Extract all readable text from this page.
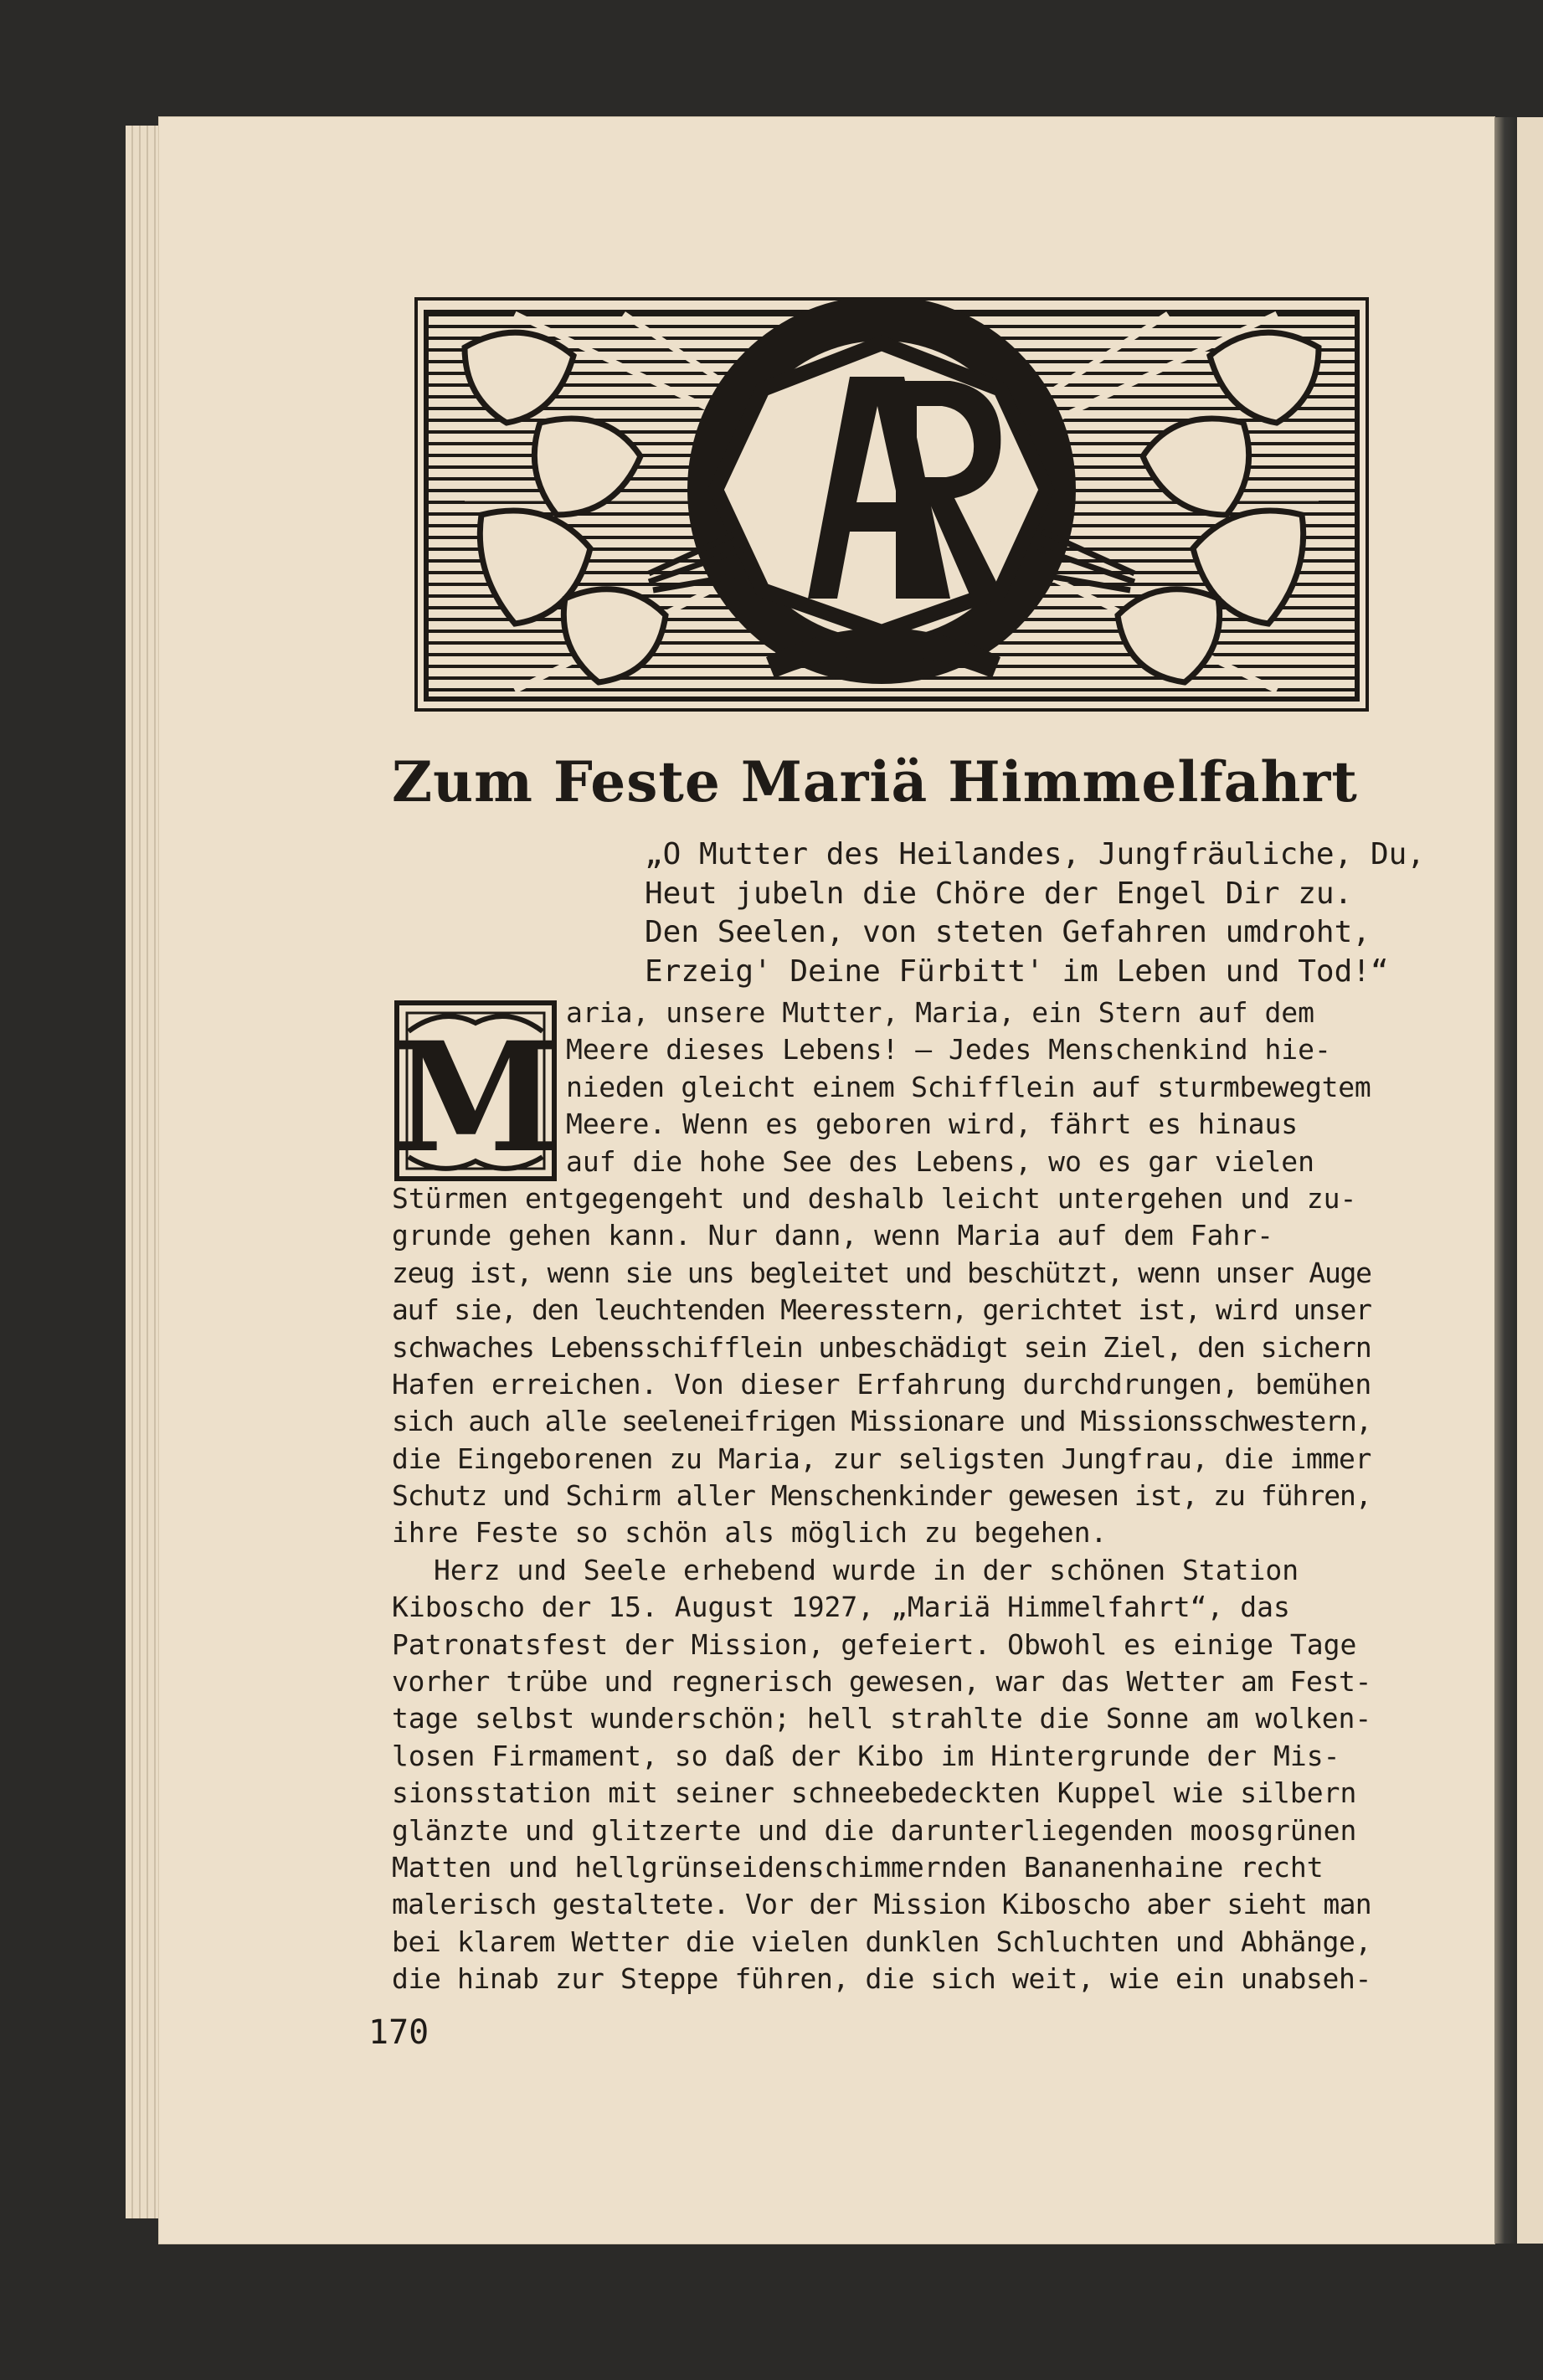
Zum Feste Mariä Himmelfahrt
„O Mutter des Heilandes, Jungfräuliche, Du,
Heut jubeln die Chöre der Engel Dir zu.
Den Seelen, von steten Gefahren umdroht,
Erzeig' Deine Fürbitt' im Leben und Tod!“
M aria, unsere Mutter, Maria, ein Stern auf dem
Meere dieses Lebens! — Jedes Menschenkind hie-
nieden gleicht einem Schifflein auf sturmbewegtem
Meere. Wenn es geboren wird, fährt es hinaus
auf die hohe See des Lebens, wo es gar vielen
Stürmen entgegengeht und deshalb leicht untergehen und zu-
grunde gehen kann. Nur dann, wenn Maria auf dem Fahr-
zeug ist, wenn sie uns begleitet und beschützt, wenn unser Auge
auf sie, den leuchtenden Meeresstern, gerichtet ist, wird unser
schwaches Lebensschifflein unbeschädigt sein Ziel, den sichern
Hafen erreichen. Von dieser Erfahrung durchdrungen, bemühen
sich auch alle seeleneifrigen Missionare und Missionsschwestern,
die Eingeborenen zu Maria, zur seligsten Jungfrau, die immer
Schutz und Schirm aller Menschenkinder gewesen ist, zu führen,
ihre Feste so schön als möglich zu begehen.
Herz und Seele erhebend wurde in der schönen Station
Kiboscho der 15. August 1927, „Mariä Himmelfahrt“, das
Patronatsfest der Mission, gefeiert. Obwohl es einige Tage
vorher trübe und regnerisch gewesen, war das Wetter am Fest-
tage selbst wunderschön; hell strahlte die Sonne am wolken-
losen Firmament, so daß der Kibo im Hintergrunde der Mis-
sionsstation mit seiner schneebedeckten Kuppel wie silbern
glänzte und glitzerte und die darunterliegenden moosgrünen
Matten und hellgrünseidenschimmernden Bananenhaine recht
malerisch gestaltete. Vor der Mission Kiboscho aber sieht man
bei klarem Wetter die vielen dunklen Schluchten und Abhänge,
die hinab zur Steppe führen, die sich weit, wie ein unabseh-
170
